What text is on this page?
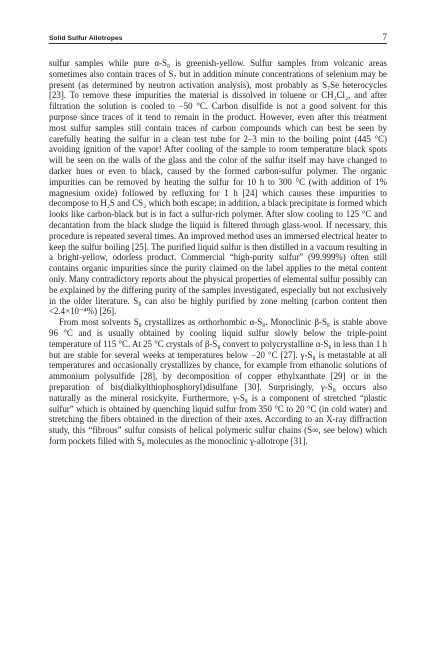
Solid Sulfur Allotropes	7

sulfur samples while pure α-S₈ is greenish-yellow. Sulfur samples from volcanic areas sometimes also contain traces of S₇ but in addition minute concentrations of selenium may be present (as determined by neutron activation analysis), most probably as S₇Se heterocycles [23]. To remove these impurities the material is dissolved in toluene or CH₂Cl₂, and after filtration the solution is cooled to −50 °C. Carbon disulfide is not a good solvent for this purpose since traces of it tend to remain in the product. However, even after this treatment most sulfur samples still contain traces of carbon compounds which can best be seen by carefully heating the sulfur in a clean test tube for 2–3 min to the boiling point (445 °C) avoiding ignition of the vapor! After cooling of the sample to room temperature black spots will be seen on the walls of the glass and the color of the sulfur itself may have changed to darker hues or even to black, caused by the formed carbon-sulfur polymer. The organic impurities can be removed by heating the sulfur for 10 h to 300 °C (with addition of 1% magnesium oxide) followed by refluxing for 1 h [24] which causes these impurities to decompose to H₂S and CS₂ which both escape; in addition, a black precipitate is formed which looks like carbon-black but is in fact a sulfur-rich polymer. After slow cooling to 125 °C and decantation from the black sludge the liquid is filtered through glass-wool. If necessary, this procedure is repeated several times. An improved method uses an immersed electrical heater to keep the sulfur boiling [25]. The purified liquid sulfur is then distilled in a vacuum resulting in a bright-yellow, odorless product. Commercial “high-purity sulfur” (99.999%) often still contains organic impurities since the purity claimed on the label applies to the metal content only. Many contradictory reports about the physical properties of elemental sulfur possibly can be explained by the differing purity of the samples investigated, especially but not exclusively in the older literature. S₈ can also be highly purified by zone melting (carbon content then <2.4×10⁻⁴%) [26].

From most solvents S₈ crystallizes as orthorhombic α-S₈. Monoclinic β-S₈ is stable above 96 °C and is usually obtained by cooling liquid sulfur slowly below the triple-point temperature of 115 °C. At 25 °C crystals of β-S₈ convert to polycrystalline α-S₈ in less than 1 h but are stable for several weeks at temperatures below −20 °C [27]. γ-S₈ is metastable at all temperatures and occasionally crystallizes by chance, for example from ethanolic solutions of ammonium polysulfide [28], by decomposition of copper ethylxanthate [29] or in the preparation of bis(dialkylthiophosphoryl)disulfane [30]. Surprisingly, γ-S₈ occurs also naturally as the mineral rosickyite. Furthermore, γ-S₈ is a component of stretched “plastic sulfur” which is obtained by quenching liquid sulfur from 350 °C to 20 °C (in cold water) and stretching the fibers obtained in the direction of their axes. According to an X-ray diffraction study, this “fibrous” sulfur consists of helical polymeric sulfur chains (S∞, see below) which form pockets filled with S₈ molecules as the monoclinic γ-allotrope [31].
